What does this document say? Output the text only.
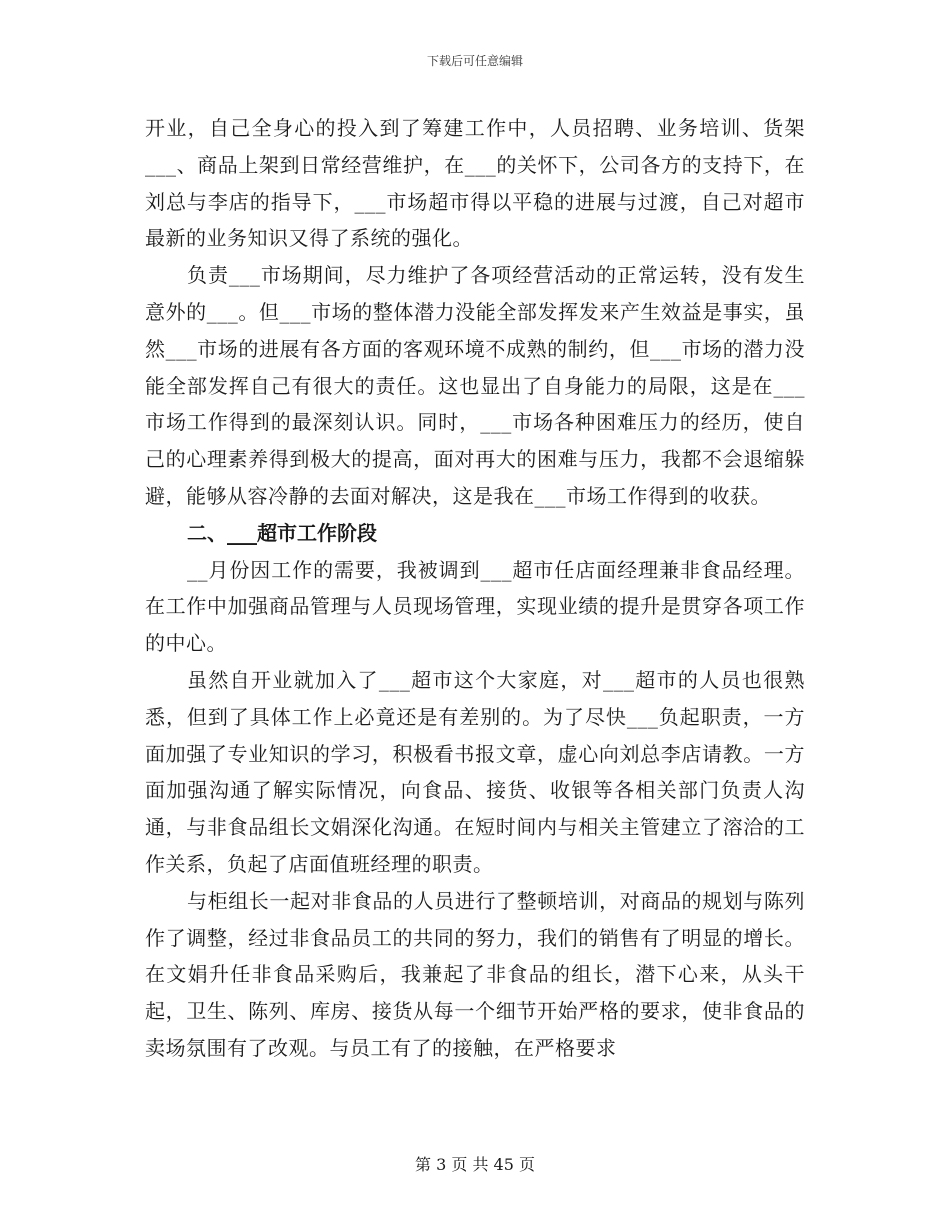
下载后可任意编辑

开业，自己全身心的投入到了筹建工作中，人员招聘、业务培训、货架___、商品上架到日常经营维护，在___的关怀下，公司各方的支持下，在刘总与李店的指导下，___市场超市得以平稳的进展与过渡，自己对超市最新的业务知识又得了系统的强化。

负责___市场期间，尽力维护了各项经营活动的正常运转，没有发生意外的___。但___市场的整体潜力没能全部发挥发来产生效益是事实，虽然___市场的进展有各方面的客观环境不成熟的制约，但___市场的潜力没能全部发挥自己有很大的责任。这也显出了自身能力的局限，这是在___市场工作得到的最深刻认识。同时，___市场各种困难压力的经历，使自己的心理素养得到极大的提高，面对再大的困难与压力，我都不会退缩躲避，能够从容冷静的去面对解决，这是我在___市场工作得到的收获。

二、___超市工作阶段

__月份因工作的需要，我被调到___超市任店面经理兼非食品经理。在工作中加强商品管理与人员现场管理，实现业绩的提升是贯穿各项工作的中心。

虽然自开业就加入了___超市这个大家庭，对___超市的人员也很熟悉，但到了具体工作上必竟还是有差别的。为了尽快___负起职责，一方面加强了专业知识的学习，积极看书报文章，虚心向刘总李店请教。一方面加强沟通了解实际情况，向食品、接货、收银等各相关部门负责人沟通，与非食品组长文娟深化沟通。在短时间内与相关主管建立了溶洽的工作关系，负起了店面值班经理的职责。

与柜组长一起对非食品的人员进行了整顿培训，对商品的规划与陈列作了调整，经过非食品员工的共同的努力，我们的销售有了明显的增长。在文娟升任非食品采购后，我兼起了非食品的组长，潜下心来，从头干起，卫生、陈列、库房、接货从每一个细节开始严格的要求，使非食品的卖场氛围有了改观。与员工有了的接触，在严格要求

第 3 页 共 45 页
